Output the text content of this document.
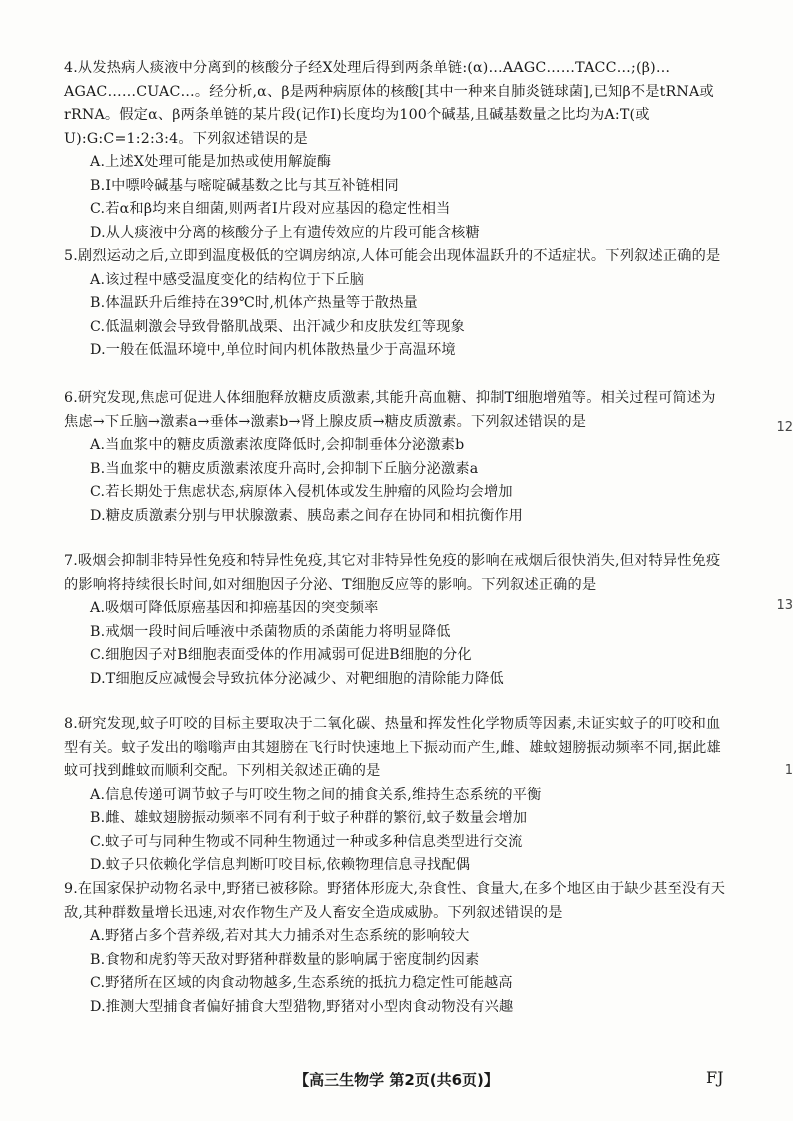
4.从发热病人痰液中分离到的核酸分子经X处理后得到两条单链:(α)…AAGC……TACC…;(β)…AGAC……CUAC…。经分析,α、β是两种病原体的核酸[其中一种来自肺炎链球菌],已知β不是tRNA或rRNA。假定α、β两条单链的某片段(记作Ⅰ)长度均为100个碱基,且碱基数量之比均为A:T(或U):G:C=1:2:3:4。下列叙述错误的是

A.上述X处理可能是加热或使用解旋酶

B.Ⅰ中嘌呤碱基与嘧啶碱基数之比与其互补链相同

C.若α和β均来自细菌,则两者Ⅰ片段对应基因的稳定性相当

D.从人痰液中分离的核酸分子上有遗传效应的片段可能含核糖

5.剧烈运动之后,立即到温度极低的空调房纳凉,人体可能会出现体温跃升的不适症状。下列叙述正确的是

A.该过程中感受温度变化的结构位于下丘脑

B.体温跃升后维持在39℃时,机体产热量等于散热量

C.低温刺激会导致骨骼肌战栗、出汗减少和皮肤发红等现象

D.一般在低温环境中,单位时间内机体散热量少于高温环境

6.研究发现,焦虑可促进人体细胞释放糖皮质激素,其能升高血糖、抑制T细胞增殖等。相关过程可简述为 焦虑→下丘脑→激素a→垂体→激素b→肾上腺皮质→糖皮质激素。下列叙述错误的是

A.当血浆中的糖皮质激素浓度降低时,会抑制垂体分泌激素b

B.当血浆中的糖皮质激素浓度升高时,会抑制下丘脑分泌激素a

C.若长期处于焦虑状态,病原体入侵机体或发生肿瘤的风险均会增加

D.糖皮质激素分别与甲状腺激素、胰岛素之间存在协同和相抗衡作用

7.吸烟会抑制非特异性免疫和特异性免疫,其它对非特异性免疫的影响在戒烟后很快消失,但对特异性免疫的影响将持续很长时间,如对细胞因子分泌、T细胞反应等的影响。下列叙述正确的是

A.吸烟可降低原癌基因和抑癌基因的突变频率

B.戒烟一段时间后唾液中杀菌物质的杀菌能力将明显降低

C.细胞因子对B细胞表面受体的作用减弱可促进B细胞的分化

D.T细胞反应减慢会导致抗体分泌减少、对靶细胞的清除能力降低

8.研究发现,蚊子叮咬的目标主要取决于二氧化碳、热量和挥发性化学物质等因素,未证实蚊子的叮咬和血型有关。蚊子发出的嗡嗡声由其翅膀在飞行时快速地上下振动而产生,雌、雄蚊翅膀振动频率不同,据此雄蚊可找到雌蚊而顺利交配。下列相关叙述正确的是

A.信息传递可调节蚊子与叮咬生物之间的捕食关系,维持生态系统的平衡

B.雌、雄蚊翅膀振动频率不同有利于蚊子种群的繁衍,蚊子数量会增加

C.蚊子可与同种生物或不同种生物通过一种或多种信息类型进行交流

D.蚊子只依赖化学信息判断叮咬目标,依赖物理信息寻找配偶

9.在国家保护动物名录中,野猪已被移除。野猪体形庞大,杂食性、食量大,在多个地区由于缺少甚至没有天敌,其种群数量增长迅速,对农作物生产及人畜安全造成威胁。下列叙述错误的是

A.野猪占多个营养级,若对其大力捕杀对生态系统的影响较大

B.食物和虎豹等天敌对野猪种群数量的影响属于密度制约因素

C.野猪所在区域的肉食动物越多,生态系统的抵抗力稳定性可能越高

D.推测大型捕食者偏好捕食大型猎物,野猪对小型肉食动物没有兴趣

12
13
1
【高三生物学 第2页(共6页)】	FJ
